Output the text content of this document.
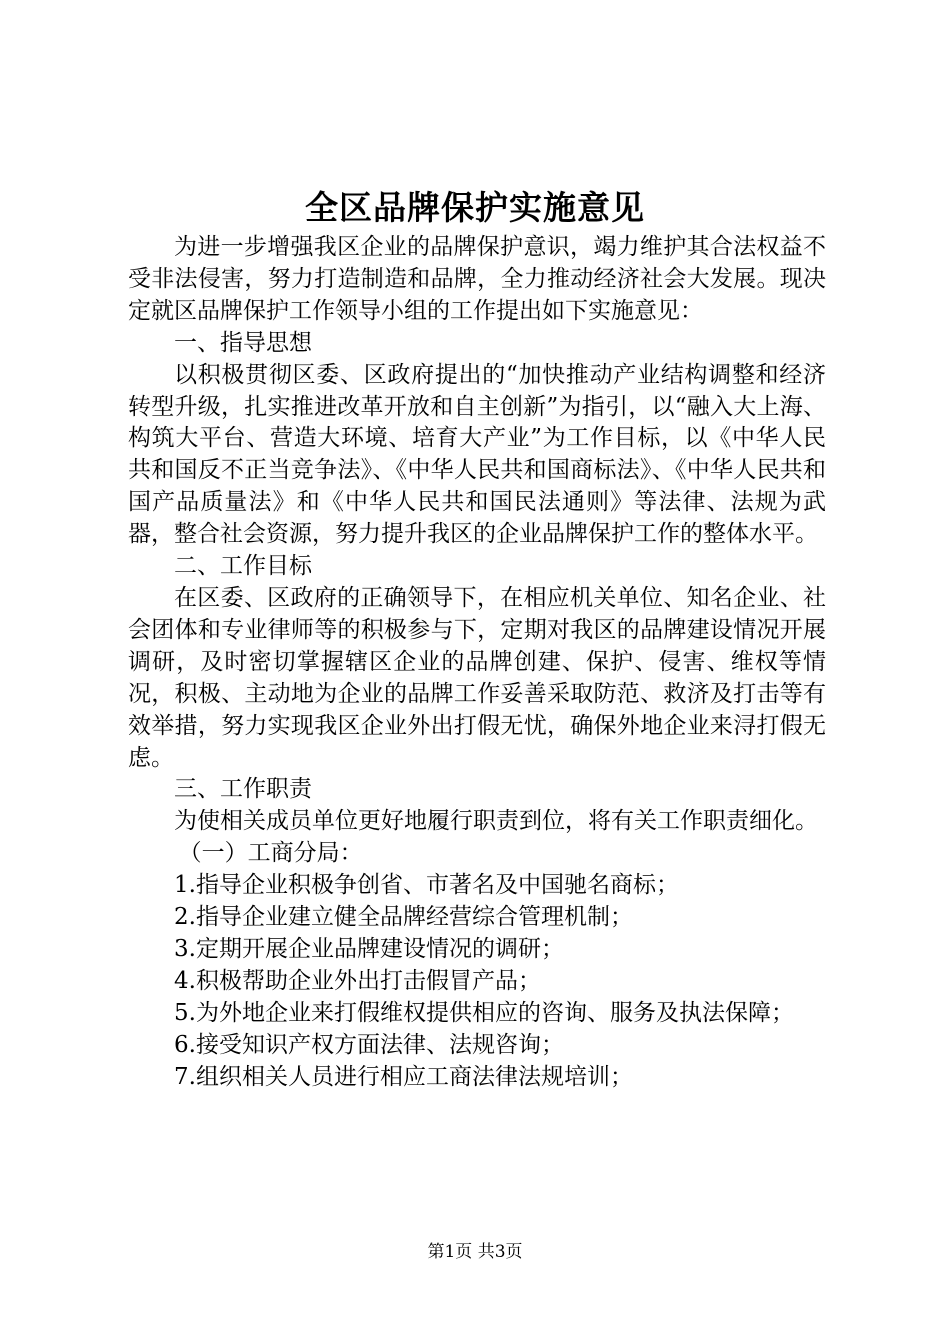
全区品牌保护实施意见

为进一步增强我区企业的品牌保护意识，竭力维护其合法权益不受非法侵害，努力打造制造和品牌，全力推动经济社会大发展。现决定就区品牌保护工作领导小组的工作提出如下实施意见：

一、指导思想

以积极贯彻区委、区政府提出的“加快推动产业结构调整和经济转型升级，扎实推进改革开放和自主创新”为指引，以“融入大上海、构筑大平台、营造大环境、培育大产业”为工作目标，以《中华人民共和国反不正当竞争法》、《中华人民共和国商标法》、《中华人民共和国产品质量法》和《中华人民共和国民法通则》等法律、法规为武器，整合社会资源，努力提升我区的企业品牌保护工作的整体水平。

二、工作目标

在区委、区政府的正确领导下，在相应机关单位、知名企业、社会团体和专业律师等的积极参与下，定期对我区的品牌建设情况开展调研，及时密切掌握辖区企业的品牌创建、保护、侵害、维权等情况，积极、主动地为企业的品牌工作妥善采取防范、救济及打击等有效举措，努力实现我区企业外出打假无忧，确保外地企业来浔打假无虑。

三、工作职责

为使相关成员单位更好地履行职责到位，将有关工作职责细化。

（一）工商分局：

1.指导企业积极争创省、市著名及中国驰名商标；

2.指导企业建立健全品牌经营综合管理机制；

3.定期开展企业品牌建设情况的调研；

4.积极帮助企业外出打击假冒产品；

5.为外地企业来打假维权提供相应的咨询、服务及执法保障；

6.接受知识产权方面法律、法规咨询；

7.组织相关人员进行相应工商法律法规培训；

第1页 共3页
